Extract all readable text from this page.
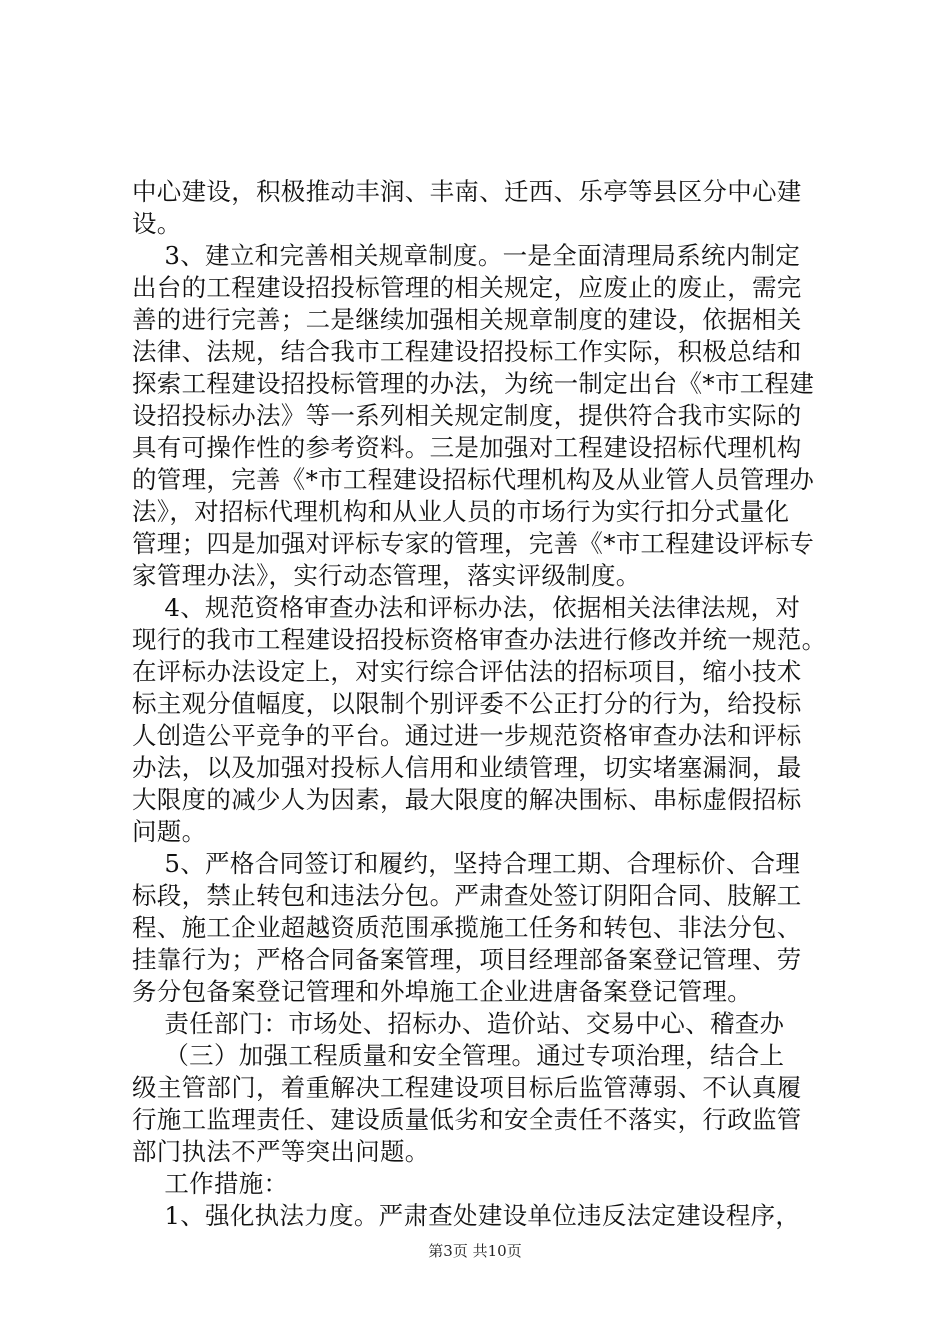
中心建设，积极推动丰润、丰南、迁西、乐亭等县区分中心建
设。
3、建立和完善相关规章制度。一是全面清理局系统内制定
出台的工程建设招投标管理的相关规定，应废止的废止，需完
善的进行完善；二是继续加强相关规章制度的建设，依据相关
法律、法规，结合我市工程建设招投标工作实际，积极总结和
探索工程建设招投标管理的办法，为统一制定出台《*市工程建
设招投标办法》等一系列相关规定制度，提供符合我市实际的
具有可操作性的参考资料。三是加强对工程建设招标代理机构
的管理，完善《*市工程建设招标代理机构及从业管人员管理办
法》，对招标代理机构和从业人员的市场行为实行扣分式量化
管理；四是加强对评标专家的管理，完善《*市工程建设评标专
家管理办法》，实行动态管理，落实评级制度。
4、规范资格审查办法和评标办法，依据相关法律法规，对
现行的我市工程建设招投标资格审查办法进行修改并统一规范。
在评标办法设定上，对实行综合评估法的招标项目，缩小技术
标主观分值幅度，以限制个别评委不公正打分的行为，给投标
人创造公平竞争的平台。通过进一步规范资格审查办法和评标
办法，以及加强对投标人信用和业绩管理，切实堵塞漏洞，最
大限度的减少人为因素，最大限度的解决围标、串标虚假招标
问题。
5、严格合同签订和履约，坚持合理工期、合理标价、合理
标段，禁止转包和违法分包。严肃查处签订阴阳合同、肢解工
程、施工企业超越资质范围承揽施工任务和转包、非法分包、
挂靠行为；严格合同备案管理，项目经理部备案登记管理、劳
务分包备案登记管理和外埠施工企业进唐备案登记管理。
责任部门：市场处、招标办、造价站、交易中心、稽查办
（三）加强工程质量和安全管理。通过专项治理，结合上
级主管部门，着重解决工程建设项目标后监管薄弱、不认真履
行施工监理责任、建设质量低劣和安全责任不落实，行政监管
部门执法不严等突出问题。
工作措施：
1、强化执法力度。严肃查处建设单位违反法定建设程序，
第3页 共10页
